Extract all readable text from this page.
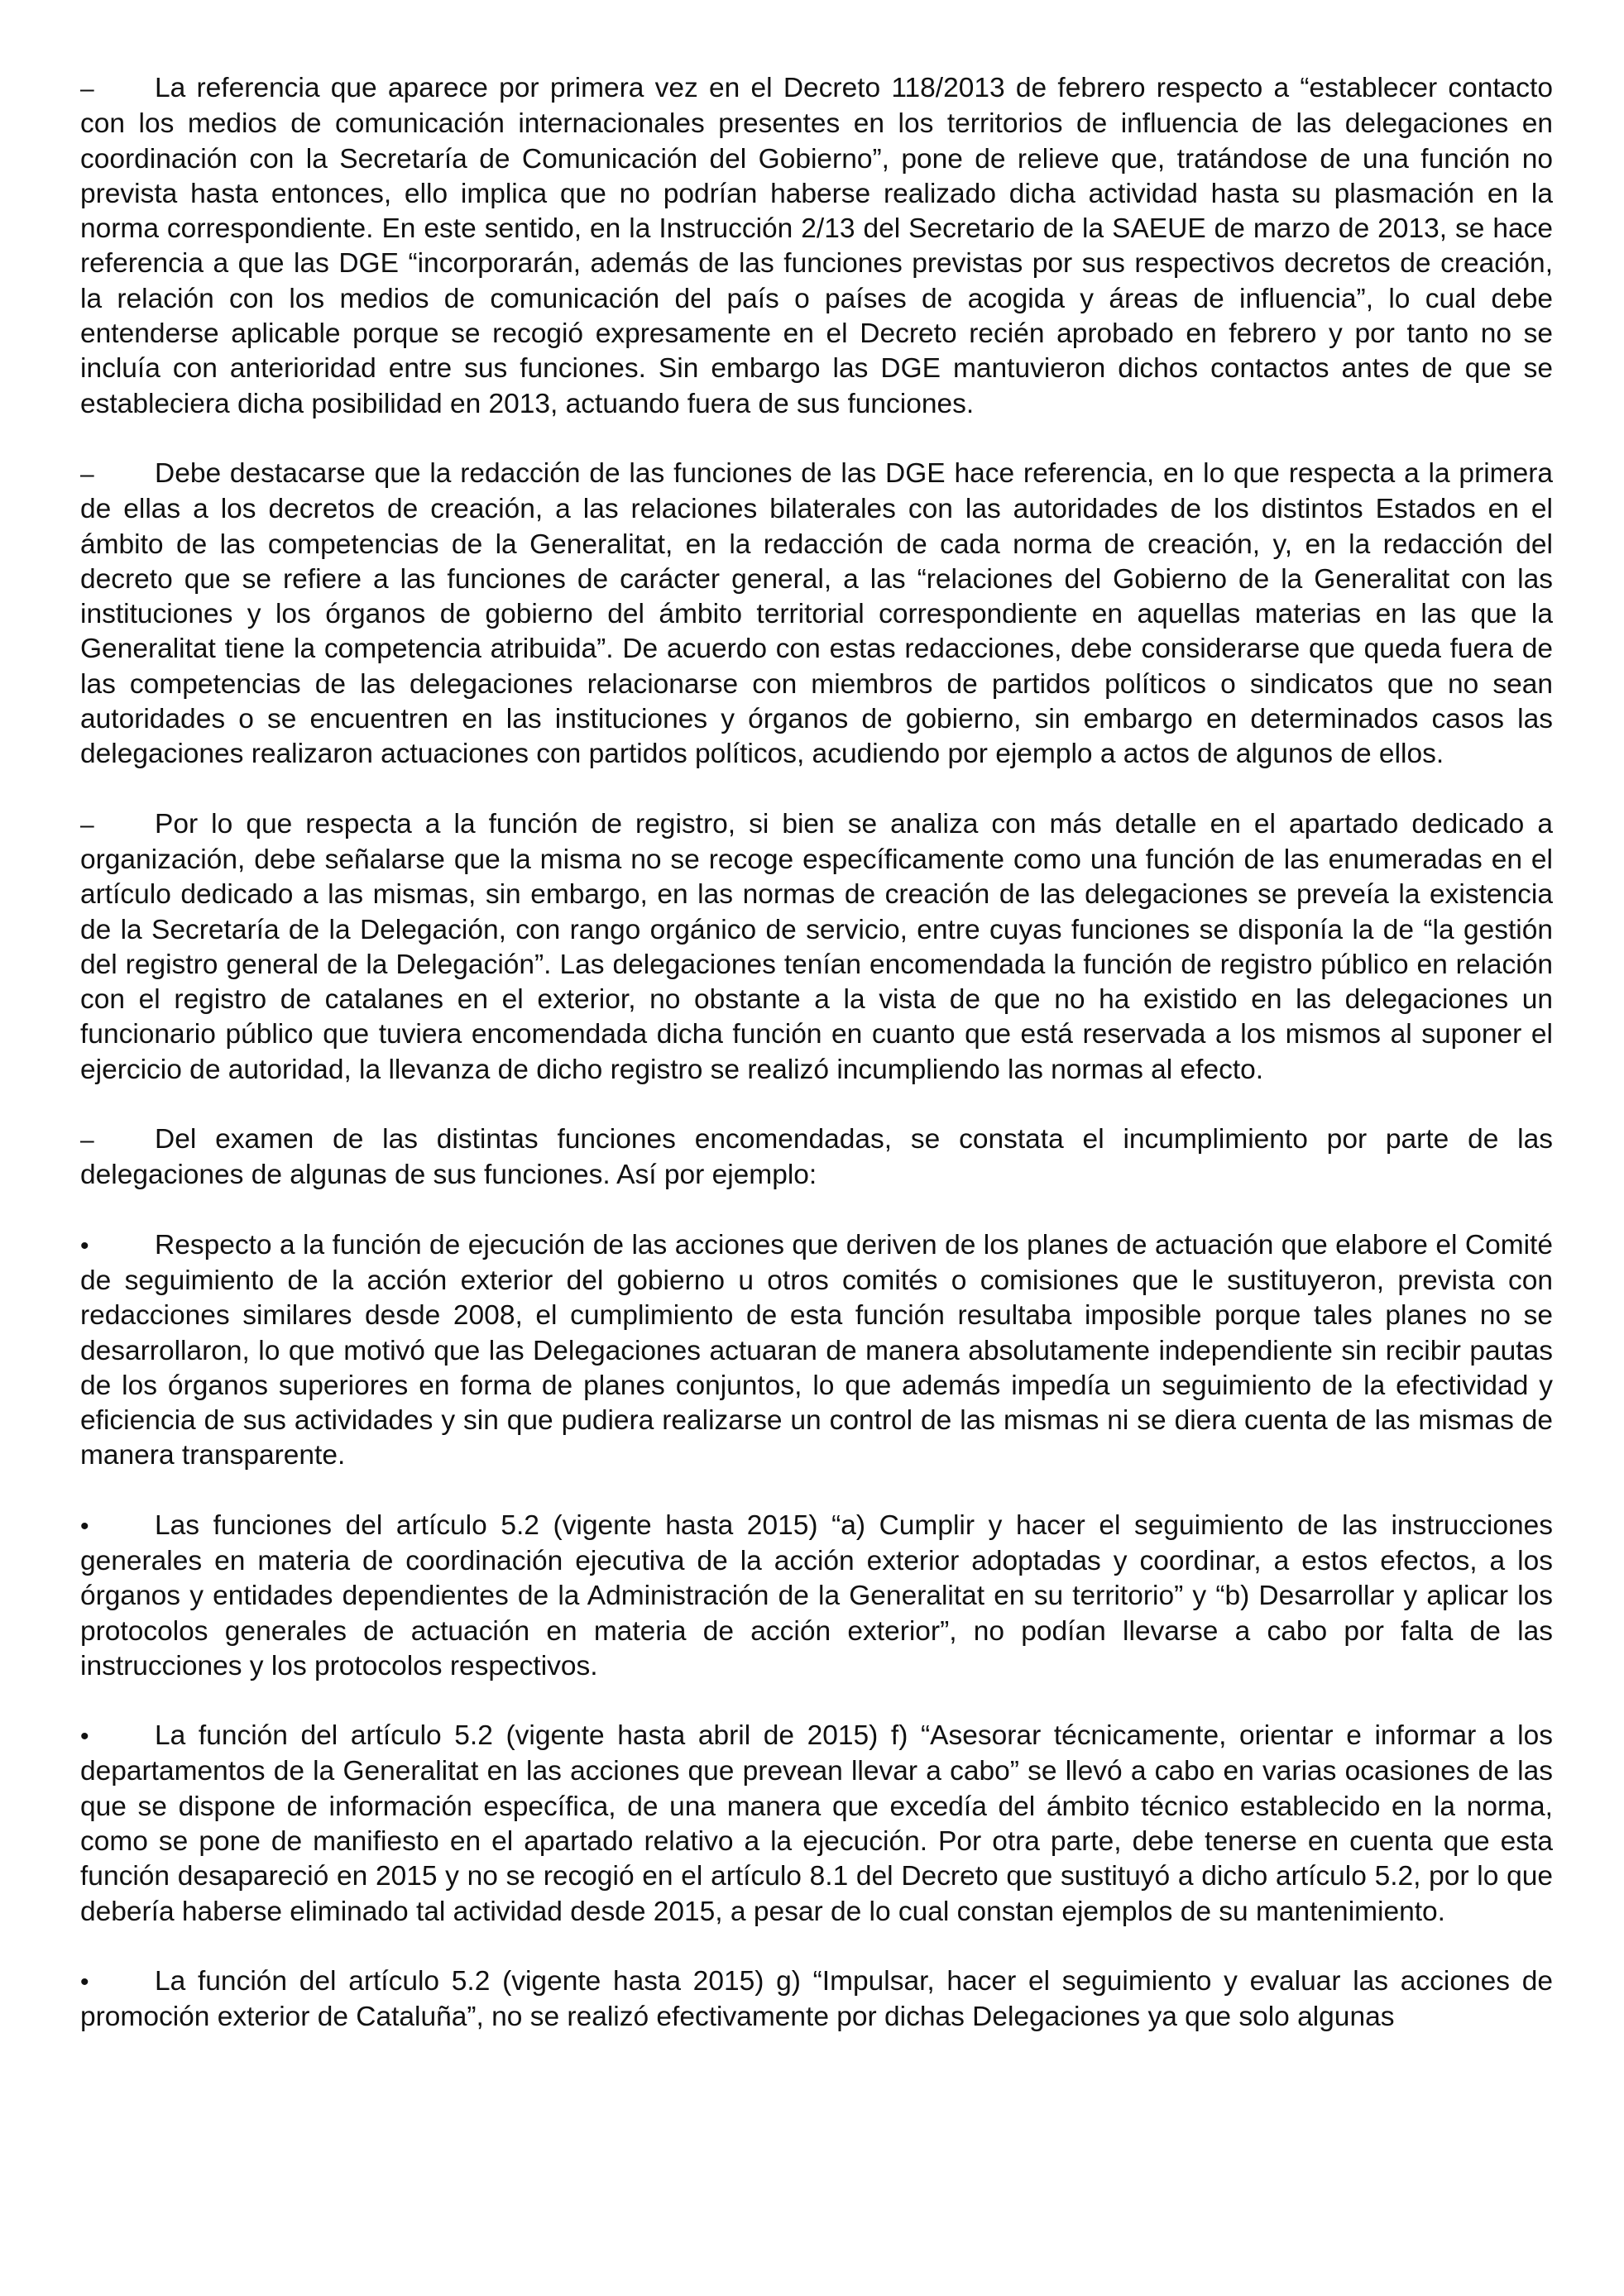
– La referencia que aparece por primera vez en el Decreto 118/2013 de febrero respecto a “establecer contacto con los medios de comunicación internacionales presentes en los territorios de influencia de las delegaciones en coordinación con la Secretaría de Comunicación del Gobierno”, pone de relieve que, tratándose de una función no prevista hasta entonces, ello implica que no podrían haberse realizado dicha actividad hasta su plasmación en la norma correspondiente. En este sentido, en la Instrucción 2/13 del Secretario de la SAEUE de marzo de 2013, se hace referencia a que las DGE “incorporarán, además de las funciones previstas por sus respectivos decretos de creación, la relación con los medios de comunicación del país o países de acogida y áreas de influencia”, lo cual debe entenderse aplicable porque se recogió expresamente en el Decreto recién aprobado en febrero y por tanto no se incluía con anterioridad entre sus funciones. Sin embargo las DGE mantuvieron dichos contactos antes de que se estableciera dicha posibilidad en 2013, actuando fuera de sus funciones.

– Debe destacarse que la redacción de las funciones de las DGE hace referencia, en lo que respecta a la primera de ellas a los decretos de creación, a las relaciones bilaterales con las autoridades de los distintos Estados en el ámbito de las competencias de la Generalitat, en la redacción de cada norma de creación, y, en la redacción del decreto que se refiere a las funciones de carácter general, a las “relaciones del Gobierno de la Generalitat con las instituciones y los órganos de gobierno del ámbito territorial correspondiente en aquellas materias en las que la Generalitat tiene la competencia atribuida”. De acuerdo con estas redacciones, debe considerarse que queda fuera de las competencias de las delegaciones relacionarse con miembros de partidos políticos o sindicatos que no sean autoridades o se encuentren en las instituciones y órganos de gobierno, sin embargo en determinados casos las delegaciones realizaron actuaciones con partidos políticos, acudiendo por ejemplo a actos de algunos de ellos.

– Por lo que respecta a la función de registro, si bien se analiza con más detalle en el apartado dedicado a organización, debe señalarse que la misma no se recoge específicamente como una función de las enumeradas en el artículo dedicado a las mismas, sin embargo, en las normas de creación de las delegaciones se preveía la existencia de la Secretaría de la Delegación, con rango orgánico de servicio, entre cuyas funciones se disponía la de “la gestión del registro general de la Delegación”. Las delegaciones tenían encomendada la función de registro público en relación con el registro de catalanes en el exterior, no obstante a la vista de que no ha existido en las delegaciones un funcionario público que tuviera encomendada dicha función en cuanto que está reservada a los mismos al suponer el ejercicio de autoridad, la llevanza de dicho registro se realizó incumpliendo las normas al efecto.

– Del examen de las distintas funciones encomendadas, se constata el incumplimiento por parte de las delegaciones de algunas de sus funciones. Así por ejemplo:

• Respecto a la función de ejecución de las acciones que deriven de los planes de actuación que elabore el Comité de seguimiento de la acción exterior del gobierno u otros comités o comisiones que le sustituyeron, prevista con redacciones similares desde 2008, el cumplimiento de esta función resultaba imposible porque tales planes no se desarrollaron, lo que motivó que las Delegaciones actuaran de manera absolutamente independiente sin recibir pautas de los órganos superiores en forma de planes conjuntos, lo que además impedía un seguimiento de la efectividad y eficiencia de sus actividades y sin que pudiera realizarse un control de las mismas ni se diera cuenta de las mismas de manera transparente.

• Las funciones del artículo 5.2 (vigente hasta 2015) “a) Cumplir y hacer el seguimiento de las instrucciones generales en materia de coordinación ejecutiva de la acción exterior adoptadas y coordinar, a estos efectos, a los órganos y entidades dependientes de la Administración de la Generalitat en su territorio” y “b) Desarrollar y aplicar los protocolos generales de actuación en materia de acción exterior”, no podían llevarse a cabo por falta de las instrucciones y los protocolos respectivos.

• La función del artículo 5.2 (vigente hasta abril de 2015) f) “Asesorar técnicamente, orientar e informar a los departamentos de la Generalitat en las acciones que prevean llevar a cabo” se llevó a cabo en varias ocasiones de las que se dispone de información específica, de una manera que excedía del ámbito técnico establecido en la norma, como se pone de manifiesto en el apartado relativo a la ejecución. Por otra parte, debe tenerse en cuenta que esta función desapareció en 2015 y no se recogió en el artículo 8.1 del Decreto que sustituyó a dicho artículo 5.2, por lo que debería haberse eliminado tal actividad desde 2015, a pesar de lo cual constan ejemplos de su mantenimiento.

• La función del artículo 5.2 (vigente hasta 2015) g) “Impulsar, hacer el seguimiento y evaluar las acciones de promoción exterior de Cataluña”, no se realizó efectivamente por dichas Delegaciones ya que solo algunas
